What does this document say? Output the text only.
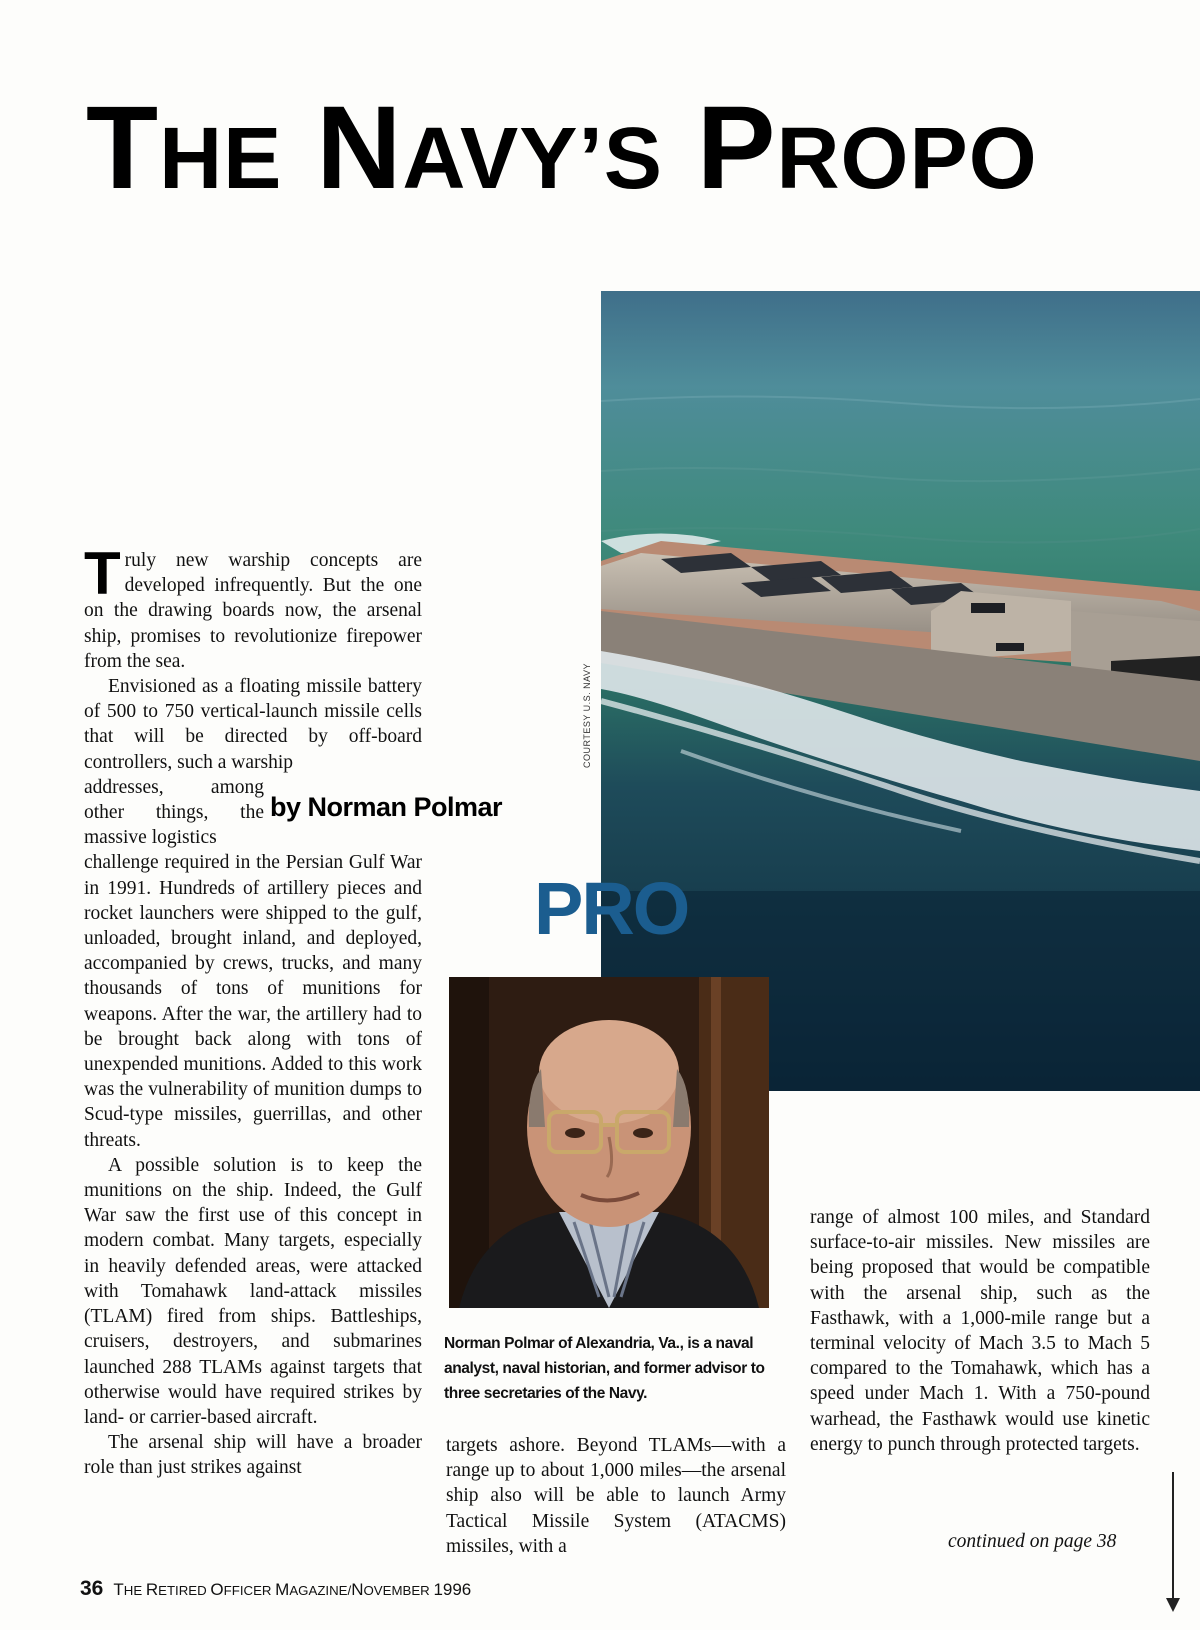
THE NAVY’S PROPO
COURTESY U.S. NAVY
PRO
by Norman Polmar
Norman Polmar of Alexandria, Va., is a naval analyst, naval historian, and former advisor to three secretaries of the Navy.

Truly new warship concepts are developed infrequently. But the one on the drawing boards now, the arsenal ship, promises to revolutionize firepower from the sea.

Envisioned as a floating missile battery of 500 to 750 vertical-launch missile cells that will be directed by off-board controllers, such a warship

addresses, among other things, the massive logistics

challenge required in the Persian Gulf War in 1991. Hundreds of artillery pieces and rocket launchers were shipped to the gulf, unloaded, brought inland, and deployed, accompanied by crews, trucks, and many thousands of tons of munitions for weapons. After the war, the artillery had to be brought back along with tons of unexpended munitions. Added to this work was the vulnerability of munition dumps to Scud-type missiles, guerrillas, and other threats.

A possible solution is to keep the munitions on the ship. Indeed, the Gulf War saw the first use of this concept in modern combat. Many targets, especially in heavily defended areas, were attacked with Tomahawk land-attack missiles (TLAM) fired from ships. Battleships, cruisers, destroyers, and submarines launched 288 TLAMs against targets that otherwise would have required strikes by land- or carrier-based aircraft.

The arsenal ship will have a broader role than just strikes against

targets ashore. Beyond TLAMs—with a range up to about 1,000 miles—the arsenal ship also will be able to launch Army Tactical Missile System (ATACMS) missiles, with a

range of almost 100 miles, and Standard surface-to-air missiles. New missiles are being proposed that would be compatible with the arsenal ship, such as the Fasthawk, with a 1,000-mile range but a terminal velocity of Mach 3.5 to Mach 5 compared to the Tomahawk, which has a speed under Mach 1. With a 750-pound warhead, the Fasthawk would use kinetic energy to punch through protected targets.

continued on page 38
36 THE RETIRED OFFICER MAGAZINE/NOVEMBER 1996
